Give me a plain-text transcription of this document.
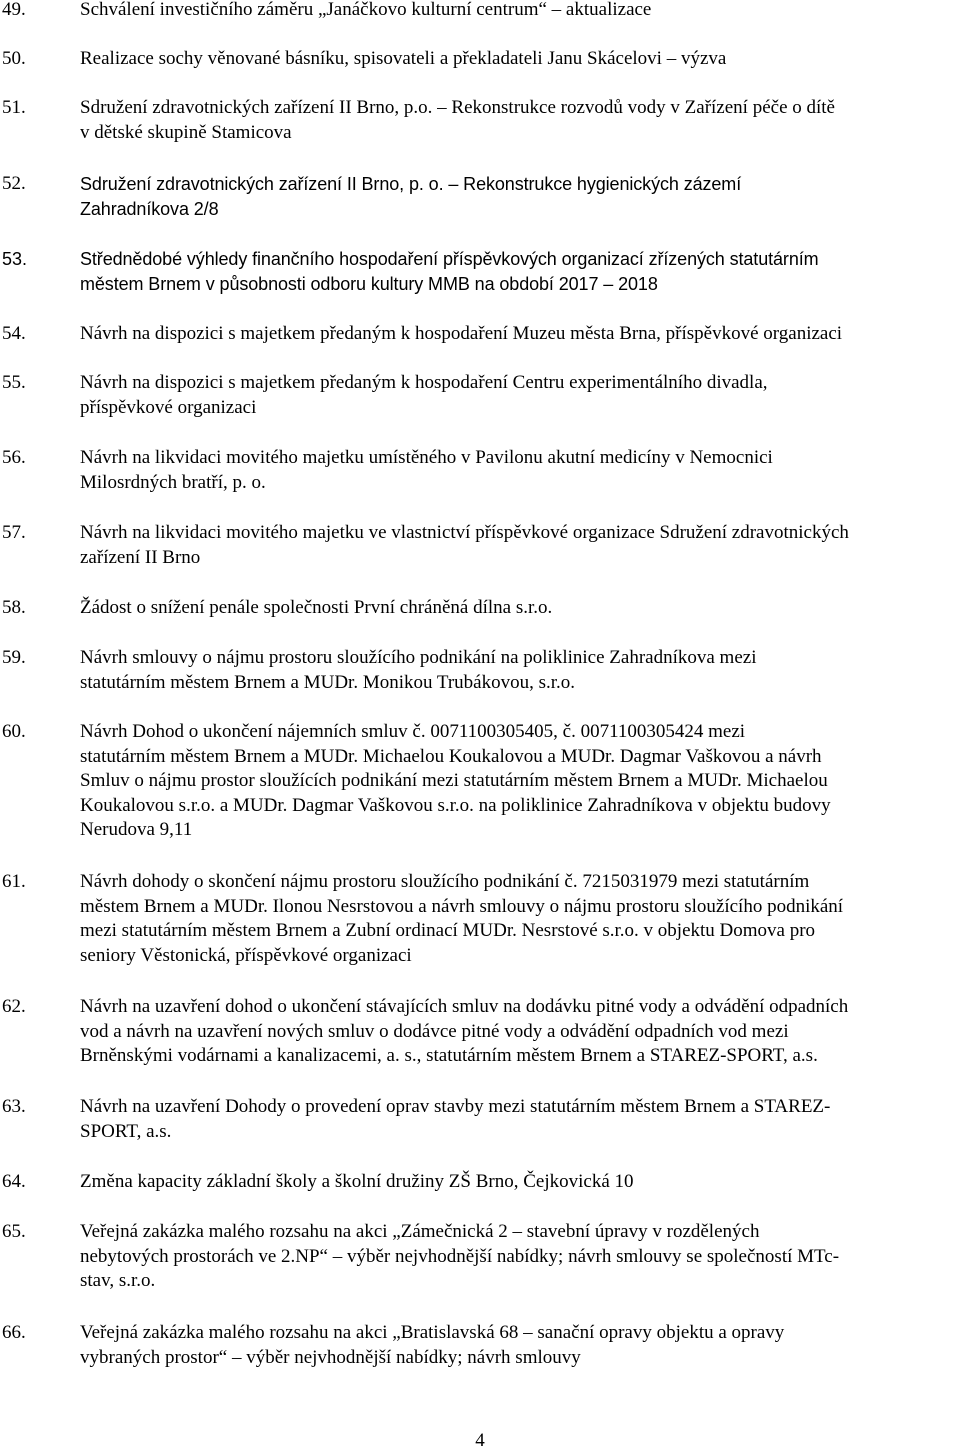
49.	Schválení investičního záměru „Janáčkovo kulturní centrum“ – aktualizace
50.	Realizace sochy věnované básníku, spisovateli a překladateli Janu Skácelovi – výzva
51.	Sdružení zdravotnických zařízení II Brno, p.o. – Rekonstrukce rozvodů vody v Zařízení péče o dítě
v dětské skupině Stamicova
52.	Sdružení zdravotnických zařízení II Brno, p. o. – Rekonstrukce hygienických zázemí
Zahradníkova 2/8
53.	Střednědobé výhledy finančního hospodaření příspěvkových organizací zřízených statutárním
městem Brnem v působnosti odboru kultury MMB na období 2017 – 2018
54.	Návrh na dispozici s majetkem předaným k hospodaření Muzeu města Brna, příspěvkové organizaci
55.	Návrh na dispozici s majetkem předaným k hospodaření Centru experimentálního divadla,
příspěvkové organizaci
56.	Návrh na likvidaci movitého majetku umístěného v Pavilonu akutní medicíny v Nemocnici
Milosrdných bratří, p. o.
57.	Návrh na likvidaci movitého majetku ve vlastnictví příspěvkové organizace Sdružení zdravotnických
zařízení II Brno
58.	Žádost o snížení penále společnosti První chráněná dílna s.r.o.
59.	Návrh smlouvy o nájmu prostoru sloužícího podnikání na poliklinice Zahradníkova mezi
statutárním městem Brnem a MUDr. Monikou Trubákovou, s.r.o.
60.	Návrh Dohod o ukončení nájemních smluv č. 0071100305405, č. 0071100305424 mezi
statutárním městem Brnem a MUDr. Michaelou Koukalovou a MUDr. Dagmar Vaškovou a návrh
Smluv o nájmu prostor sloužících podnikání mezi statutárním městem Brnem a MUDr. Michaelou
Koukalovou s.r.o. a MUDr. Dagmar Vaškovou s.r.o. na poliklinice Zahradníkova v objektu budovy
Nerudova 9,11
61.	Návrh dohody o skončení nájmu prostoru sloužícího podnikání č. 7215031979 mezi statutárním
městem Brnem a MUDr. Ilonou Nesrstovou a návrh smlouvy o nájmu prostoru sloužícího podnikání
mezi statutárním městem Brnem a Zubní ordinací MUDr. Nesrstové s.r.o. v objektu Domova pro
seniory Věstonická, příspěvkové organizaci
62.	Návrh na uzavření dohod o ukončení stávajících smluv na dodávku pitné vody a odvádění odpadních
vod a návrh na uzavření nových smluv o dodávce pitné vody a odvádění odpadních vod mezi
Brněnskými vodárnami a kanalizacemi, a. s., statutárním městem Brnem a STAREZ-SPORT, a.s.
63.	Návrh na uzavření Dohody o provedení oprav stavby mezi statutárním městem Brnem a STAREZ-
SPORT, a.s.
64.	Změna kapacity základní školy a školní družiny ZŠ Brno, Čejkovická 10
65.	Veřejná zakázka malého rozsahu na akci „Zámečnická 2 – stavební úpravy v rozdělených
nebytových prostorách ve 2.NP“ – výběr nejvhodnější nabídky; návrh smlouvy se společností MTc-
stav, s.r.o.
66.	Veřejná zakázka malého rozsahu na akci „Bratislavská 68 – sanační opravy objektu a opravy
vybraných prostor“ – výběr nejvhodnější nabídky; návrh smlouvy
4
